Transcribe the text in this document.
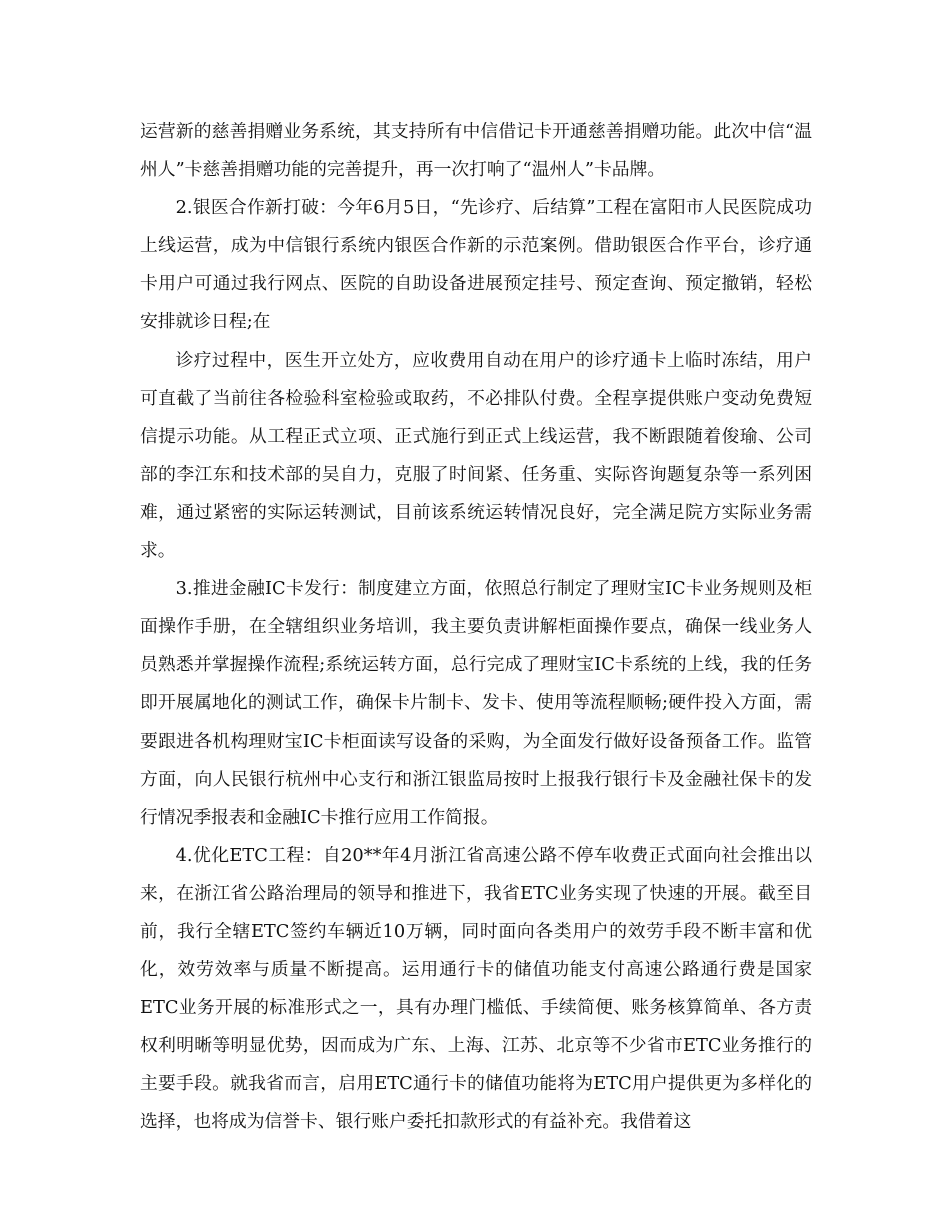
运营新的慈善捐赠业务系统，其支持所有中信借记卡开通慈善捐赠功能。此次中信“温州人”卡慈善捐赠功能的完善提升，再一次打响了“温州人”卡品牌。

2.银医合作新打破：今年6月5日，“先诊疗、后结算”工程在富阳市人民医院成功上线运营，成为中信银行系统内银医合作新的示范案例。借助银医合作平台，诊疗通卡用户可通过我行网点、医院的自助设备进展预定挂号、预定查询、预定撤销，轻松安排就诊日程;在

诊疗过程中，医生开立处方，应收费用自动在用户的诊疗通卡上临时冻结，用户可直截了当前往各检验科室检验或取药，不必排队付费。全程享提供账户变动免费短信提示功能。从工程正式立项、正式施行到正式上线运营，我不断跟随着俊瑜、公司部的李江东和技术部的吴自力，克服了时间紧、任务重、实际咨询题复杂等一系列困难，通过紧密的实际运转测试，目前该系统运转情况良好，完全满足院方实际业务需求。

3.推进金融IC卡发行：制度建立方面，依照总行制定了理财宝IC卡业务规则及柜面操作手册，在全辖组织业务培训，我主要负责讲解柜面操作要点，确保一线业务人员熟悉并掌握操作流程;系统运转方面，总行完成了理财宝IC卡系统的上线，我的任务即开展属地化的测试工作，确保卡片制卡、发卡、使用等流程顺畅;硬件投入方面，需要跟进各机构理财宝IC卡柜面读写设备的采购，为全面发行做好设备预备工作。监管方面，向人民银行杭州中心支行和浙江银监局按时上报我行银行卡及金融社保卡的发行情况季报表和金融IC卡推行应用工作简报。

4.优化ETC工程：自20**年4月浙江省高速公路不停车收费正式面向社会推出以来，在浙江省公路治理局的领导和推进下，我省ETC业务实现了快速的开展。截至目前，我行全辖ETC签约车辆近10万辆，同时面向各类用户的效劳手段不断丰富和优化，效劳效率与质量不断提高。运用通行卡的储值功能支付高速公路通行费是国家ETC业务开展的标准形式之一，具有办理门槛低、手续简便、账务核算简单、各方责权利明晰等明显优势，因而成为广东、上海、江苏、北京等不少省市ETC业务推行的主要手段。就我省而言，启用ETC通行卡的储值功能将为ETC用户提供更为多样化的选择，也将成为信誉卡、银行账户委托扣款形式的有益补充。我借着这
